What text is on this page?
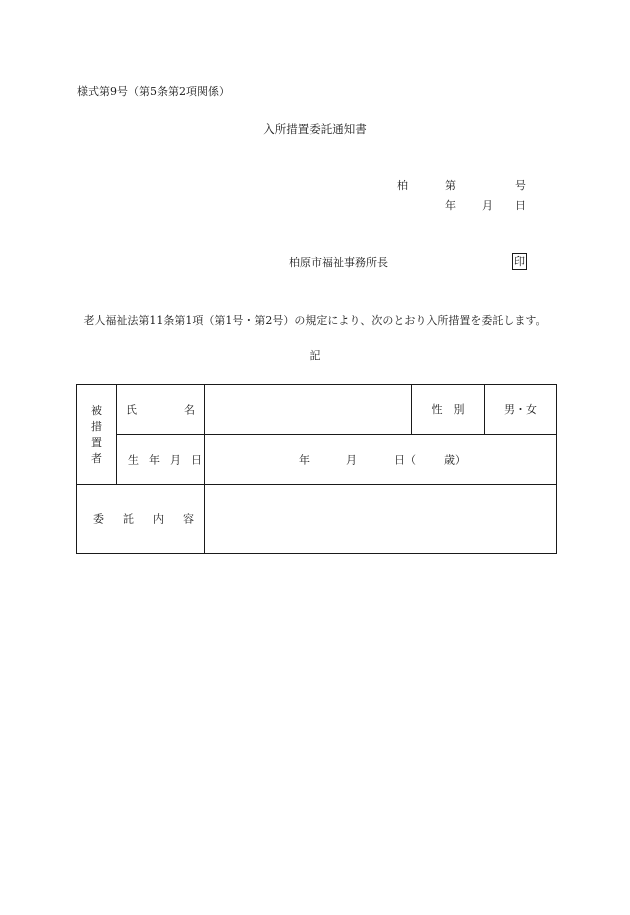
様式第9号（第5条第2項関係）
入所措置委託通知書
柏	第	号
年 月 日
柏原市福祉事務所長	印
老人福祉法第11条第1項（第1号・第2号）の規定により、次のとおり入所措置を委託します。
記
被
措
置
者	氏 名		性　別	男・女

	生 年 月 日	年 月 日（ 歳）		

委 託 内 容				
